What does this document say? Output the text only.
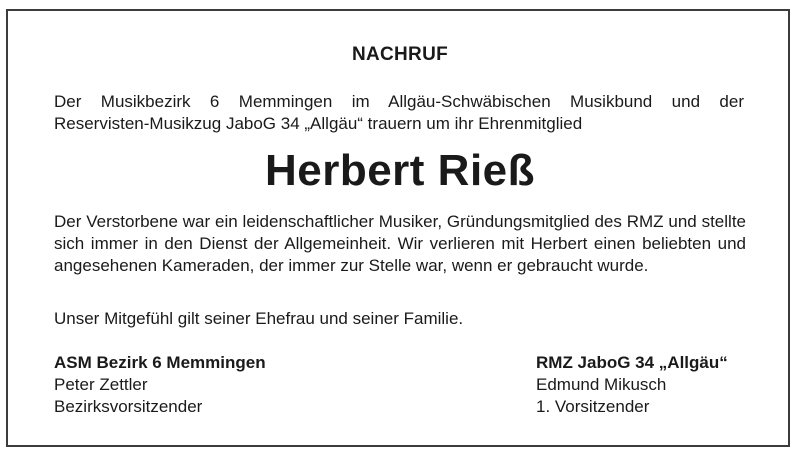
NACHRUF
Der Musikbezirk 6 Memmingen im Allgäu-Schwäbischen Musikbund und der
Reservisten-Musikzug JaboG 34 „Allgäu“ trauern um ihr Ehrenmitglied
Herbert Rieß
Der Verstorbene war ein leidenschaftlicher Musiker, Gründungsmitglied des RMZ und stellte sich immer in den Dienst der Allgemeinheit. Wir verlieren mit Herbert einen beliebten und angesehenen Kameraden, der immer zur Stelle war, wenn er gebraucht wurde.
Unser Mitgefühl gilt seiner Ehefrau und seiner Familie.
ASM Bezirk 6 Memmingen
Peter Zettler
Bezirksvorsitzender
RMZ JaboG 34 „Allgäu“
Edmund Mikusch
1. Vorsitzender
